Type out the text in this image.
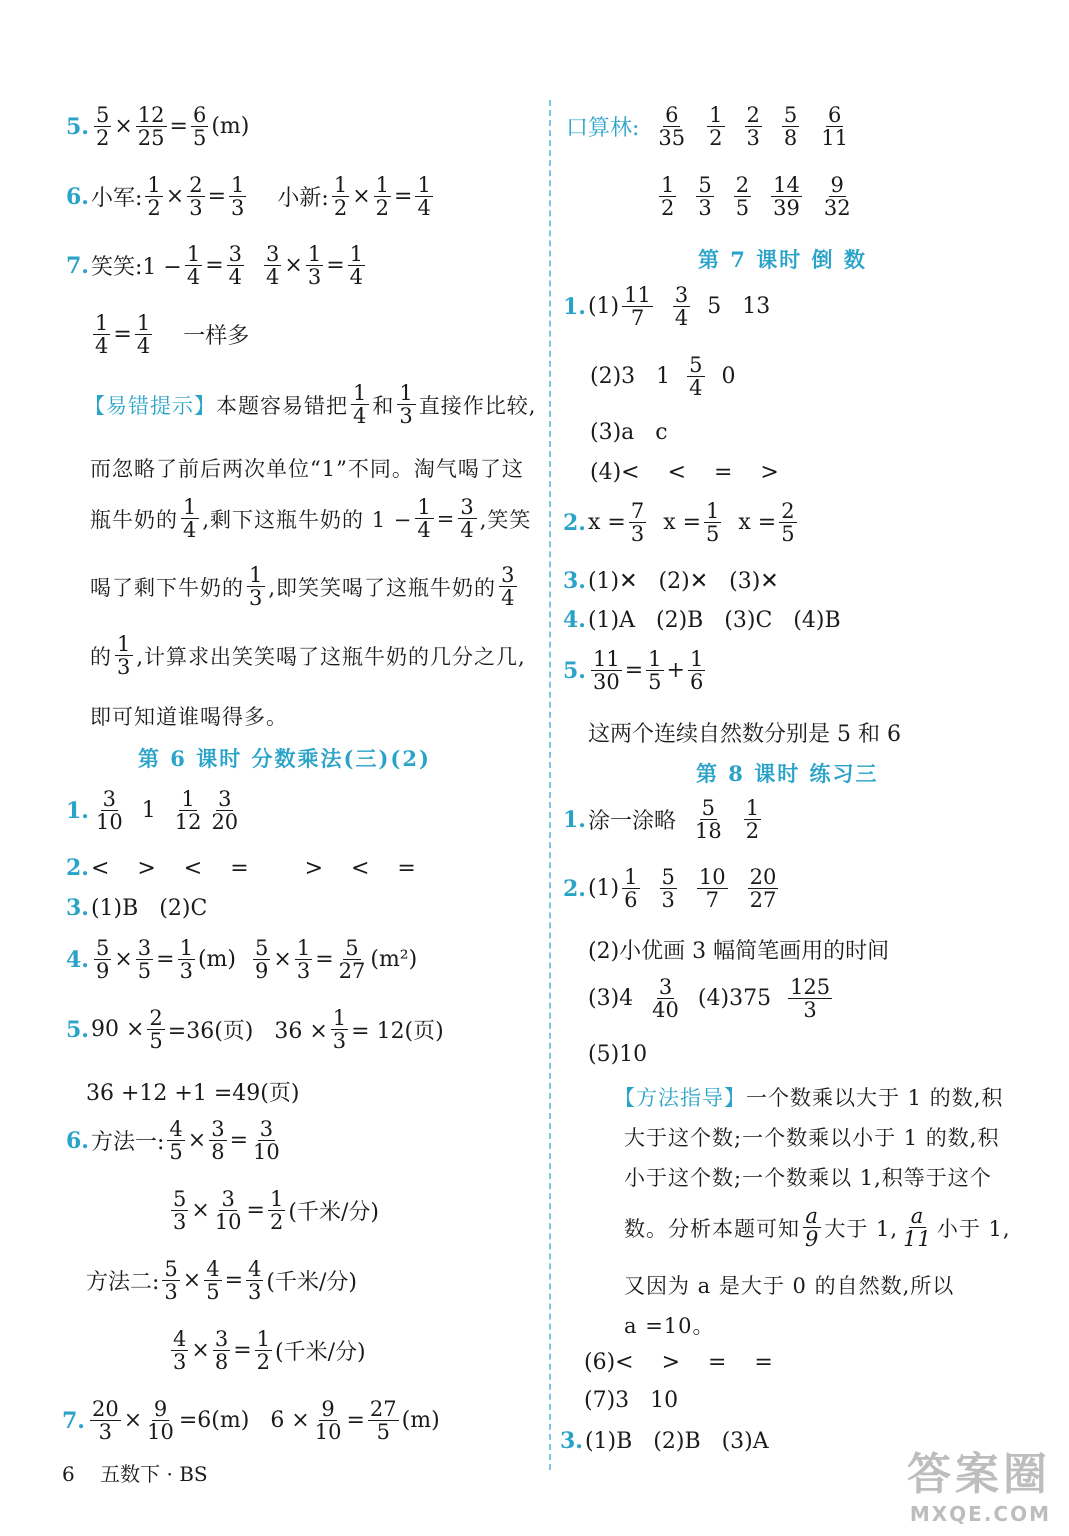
5. $\frac{5}{2} \times \frac{12}{25} = \frac{6}{5} (m)$
6. 小军: $\frac{1}{2} \times \frac{2}{3} = \frac{1}{3}$ 小新: $\frac{1}{2} \times \frac{1}{2} = \frac{1}{4}$
7. 笑笑:1 − $\frac{1}{4} = \frac{3}{4} \frac{3}{4} \times \frac{1}{3} = \frac{1}{4}$
$\frac{1}{4} = \frac{1}{4}$ 一样多
【易错提示】 本题容易错把 $\frac{1}{4}$ 和 $\frac{1}{3}$ 直接作比较,
而忽略了前后两次单位“1”不同。淘气喝了这
瓶牛奶的 $\frac{1}{4}$ ,剩下这瓶牛奶的 $1 - \frac{1}{4} = \frac{3}{4}$ ,笑笑
喝了剩下牛奶的 $\frac{1}{3}$ ,即笑笑喝了这瓶牛奶的 $\frac{3}{4}$
的 $\frac{1}{3}$ ,计算求出笑笑喝了这瓶牛奶的几分之几,
即可知道谁喝得多。
第 6 课时 分数乘法(三)(2)
1. $\frac{3}{10} 1 \frac{1}{12} \frac{3}{20}$
2. <    >    <    =        >    <    =
3. (1)B   (2)C
4. $\frac{5}{9} \times \frac{3}{5} = \frac{1}{3} (m) \frac{5}{9} \times \frac{1}{3} = \frac{5}{27} (m^2)$
5. $90 \times \frac{2}{5} =36$(页)   $36 \times \frac{1}{3} = 12$(页)
36 +12 +1 =49(页)
6. 方法一: $\frac{4}{5} \times \frac{3}{8} = \frac{3}{10}$
$\frac{5}{3} \times \frac{3}{10} = \frac{1}{2}$ (千米/分)
方法二: $\frac{5}{3} \times \frac{4}{5} = \frac{4}{3}$ (千米/分)
$\frac{4}{3} \times \frac{3}{8} = \frac{1}{2}$ (千米/分)
7. $\frac{20}{3} \times \frac{9}{10} =6(m) 6 \times \frac{9}{10} = \frac{27}{5} (m)$
口算林: $\frac{6}{35} \frac{1}{2} \frac{2}{3} \frac{5}{8} \frac{6}{11}$
$\frac{1}{2} \frac{5}{3} \frac{2}{5} \frac{14}{39} \frac{9}{32}$
第 7 课时 倒 数
1. $(1) \frac{11}{7} \frac{3}{4} 5$   13
(2)3   $1 \frac{5}{4} 0$
(3)a   c
(4)<    <    =    >
2. $x = \frac{7}{3}$ $x = \frac{1}{5}$ $x = \frac{2}{5}$
3. (1)✕   (2)✕   (3)✕
4. (1)A   (2)B   (3)C   (4)B
5. $\frac{11}{30} = \frac{1}{5} + \frac{1}{6}$
这两个连续自然数分别是 5 和 6
第 8 课时 练习三
1. 涂一涂略 $\frac{5}{18} \frac{1}{2}$
2. $(1) \frac{1}{6} \frac{5}{3} \frac{10}{7} \frac{20}{27}$
(2)小优画 3 幅简笔画用的时间
$(3)4 \frac{3}{40} (4)375 \frac{125}{3}$
(5)10
【方法指导】 一个数乘以大于 1 的数,积
大于这个数;一个数乘以小于 1 的数,积
小于这个数;一个数乘以 1,积等于这个
数。分析本题可知 $\frac{a}{9}$ 大于 1, $\frac{a}{11}$ 小于 1,
又因为 a 是大于 0 的自然数,所以
a =10。
(6)<    >    =    =
(7)3   10
3. (1)B   (2)B   (3)A
6    五数下 · BS	答案圈
MXQE.COM
